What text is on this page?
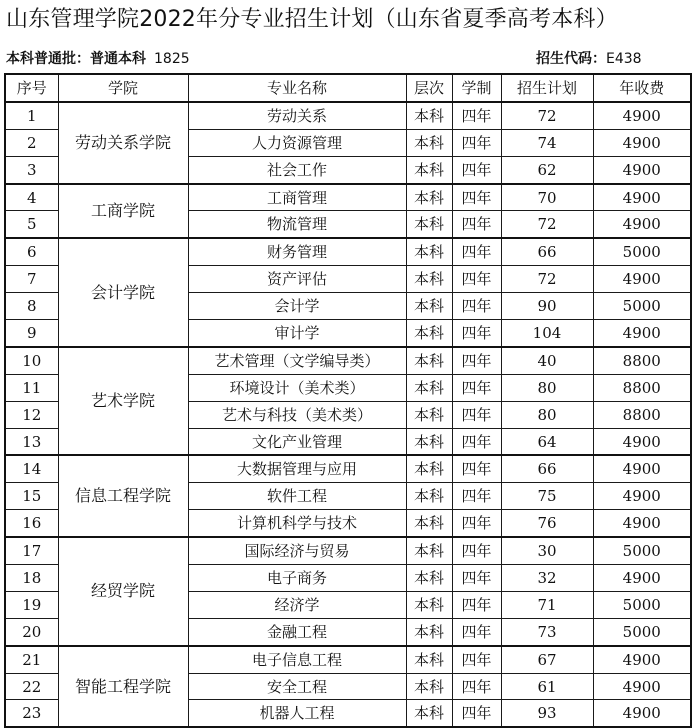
山东管理学院2022年分专业招生计划（山东省夏季高考本科）
本科普通批：普通本科 1825	招生代码：E438
序号	学院	专业名称	层次	学制	招生计划	年收费
1	劳动关系学院	劳动关系	本科	四年	72	4900
2		人力资源管理	本科	四年	74	4900
3		社会工作	本科	四年	62	4900
4	工商学院	工商管理	本科	四年	70	4900
5		物流管理	本科	四年	72	4900
6	会计学院	财务管理	本科	四年	66	5000
7		资产评估	本科	四年	72	4900
8		会计学	本科	四年	90	5000
9		审计学	本科	四年	104	4900
10	艺术学院	艺术管理（文学编导类）	本科	四年	40	8800
11		环境设计（美术类）	本科	四年	80	8800
12		艺术与科技（美术类）	本科	四年	80	8800
13		文化产业管理	本科	四年	64	4900
14	信息工程学院	大数据管理与应用	本科	四年	66	4900
15		软件工程	本科	四年	75	4900
16		计算机科学与技术	本科	四年	76	4900
17	经贸学院	国际经济与贸易	本科	四年	30	5000
18		电子商务	本科	四年	32	4900
19		经济学	本科	四年	71	5000
20		金融工程	本科	四年	73	5000
21	智能工程学院	电子信息工程	本科	四年	67	4900
22		安全工程	本科	四年	61	4900
23		机器人工程	本科	四年	93	4900
